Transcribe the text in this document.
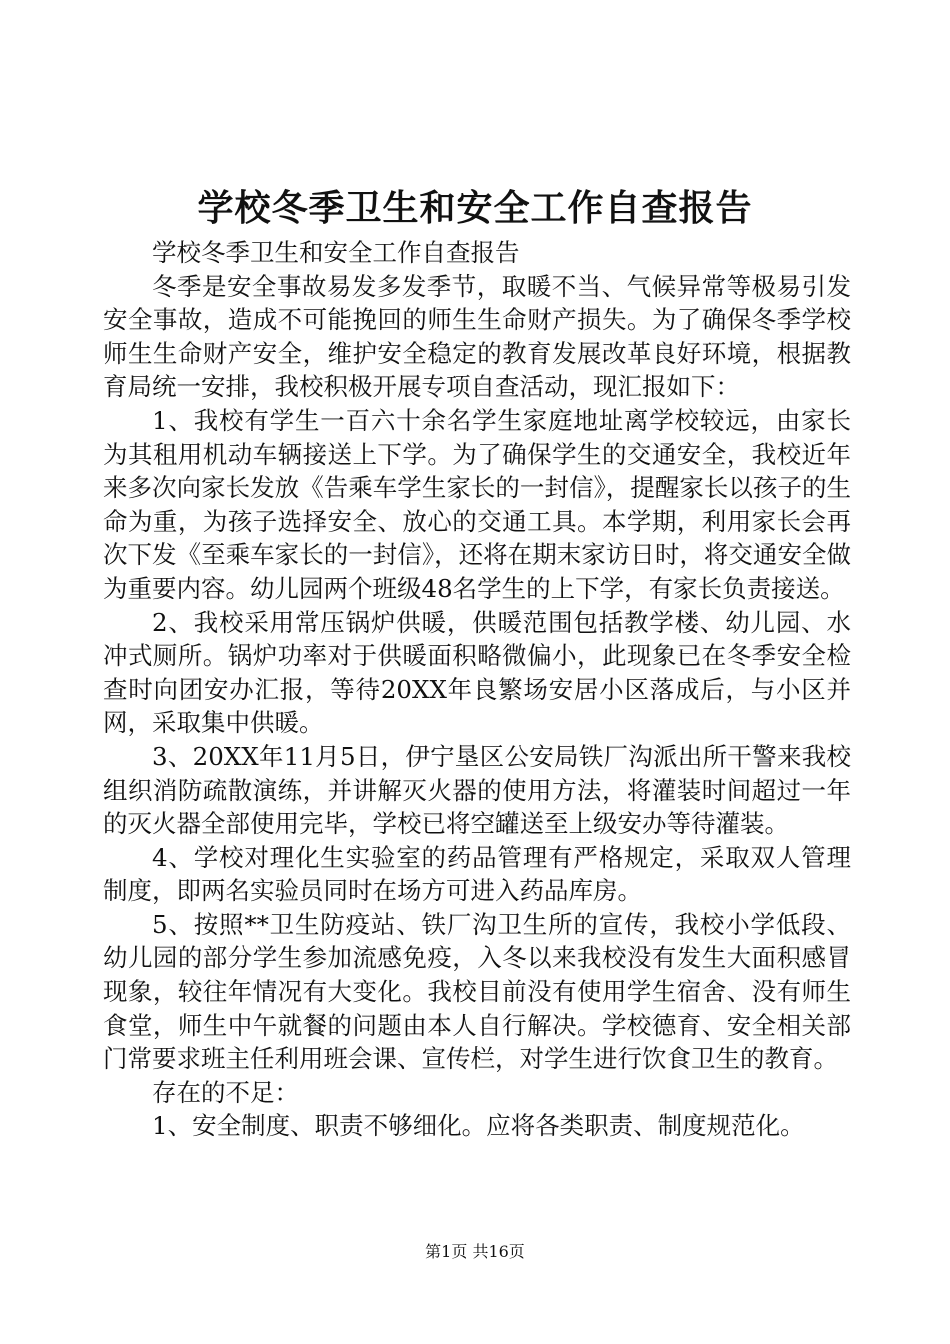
学校冬季卫生和安全工作自查报告

学校冬季卫生和安全工作自查报告

冬季是安全事故易发多发季节，取暖不当、气候异常等极易引发安全事故，造成不可能挽回的师生生命财产损失。为了确保冬季学校师生生命财产安全，维护安全稳定的教育发展改革良好环境，根据教育局统一安排，我校积极开展专项自查活动，现汇报如下：

1、我校有学生一百六十余名学生家庭地址离学校较远，由家长为其租用机动车辆接送上下学。为了确保学生的交通安全，我校近年来多次向家长发放《告乘车学生家长的一封信》，提醒家长以孩子的生命为重，为孩子选择安全、放心的交通工具。本学期，利用家长会再次下发《至乘车家长的一封信》，还将在期末家访日时，将交通安全做为重要内容。幼儿园两个班级48名学生的上下学，有家长负责接送。

2、我校采用常压锅炉供暖，供暖范围包括教学楼、幼儿园、水冲式厕所。锅炉功率对于供暖面积略微偏小，此现象已在冬季安全检查时向团安办汇报，等待20XX年良繁场安居小区落成后，与小区并网，采取集中供暖。

3、20XX年11月5日，伊宁垦区公安局铁厂沟派出所干警来我校组织消防疏散演练，并讲解灭火器的使用方法，将灌装时间超过一年的灭火器全部使用完毕，学校已将空罐送至上级安办等待灌装。

4、学校对理化生实验室的药品管理有严格规定，采取双人管理制度，即两名实验员同时在场方可进入药品库房。

5、按照**卫生防疫站、铁厂沟卫生所的宣传，我校小学低段、幼儿园的部分学生参加流感免疫，入冬以来我校没有发生大面积感冒现象，较往年情况有大变化。我校目前没有使用学生宿舍、没有师生食堂，师生中午就餐的问题由本人自行解决。学校德育、安全相关部门常要求班主任利用班会课、宣传栏，对学生进行饮食卫生的教育。

存在的不足：

1、安全制度、职责不够细化。应将各类职责、制度规范化。

第1页 共16页
